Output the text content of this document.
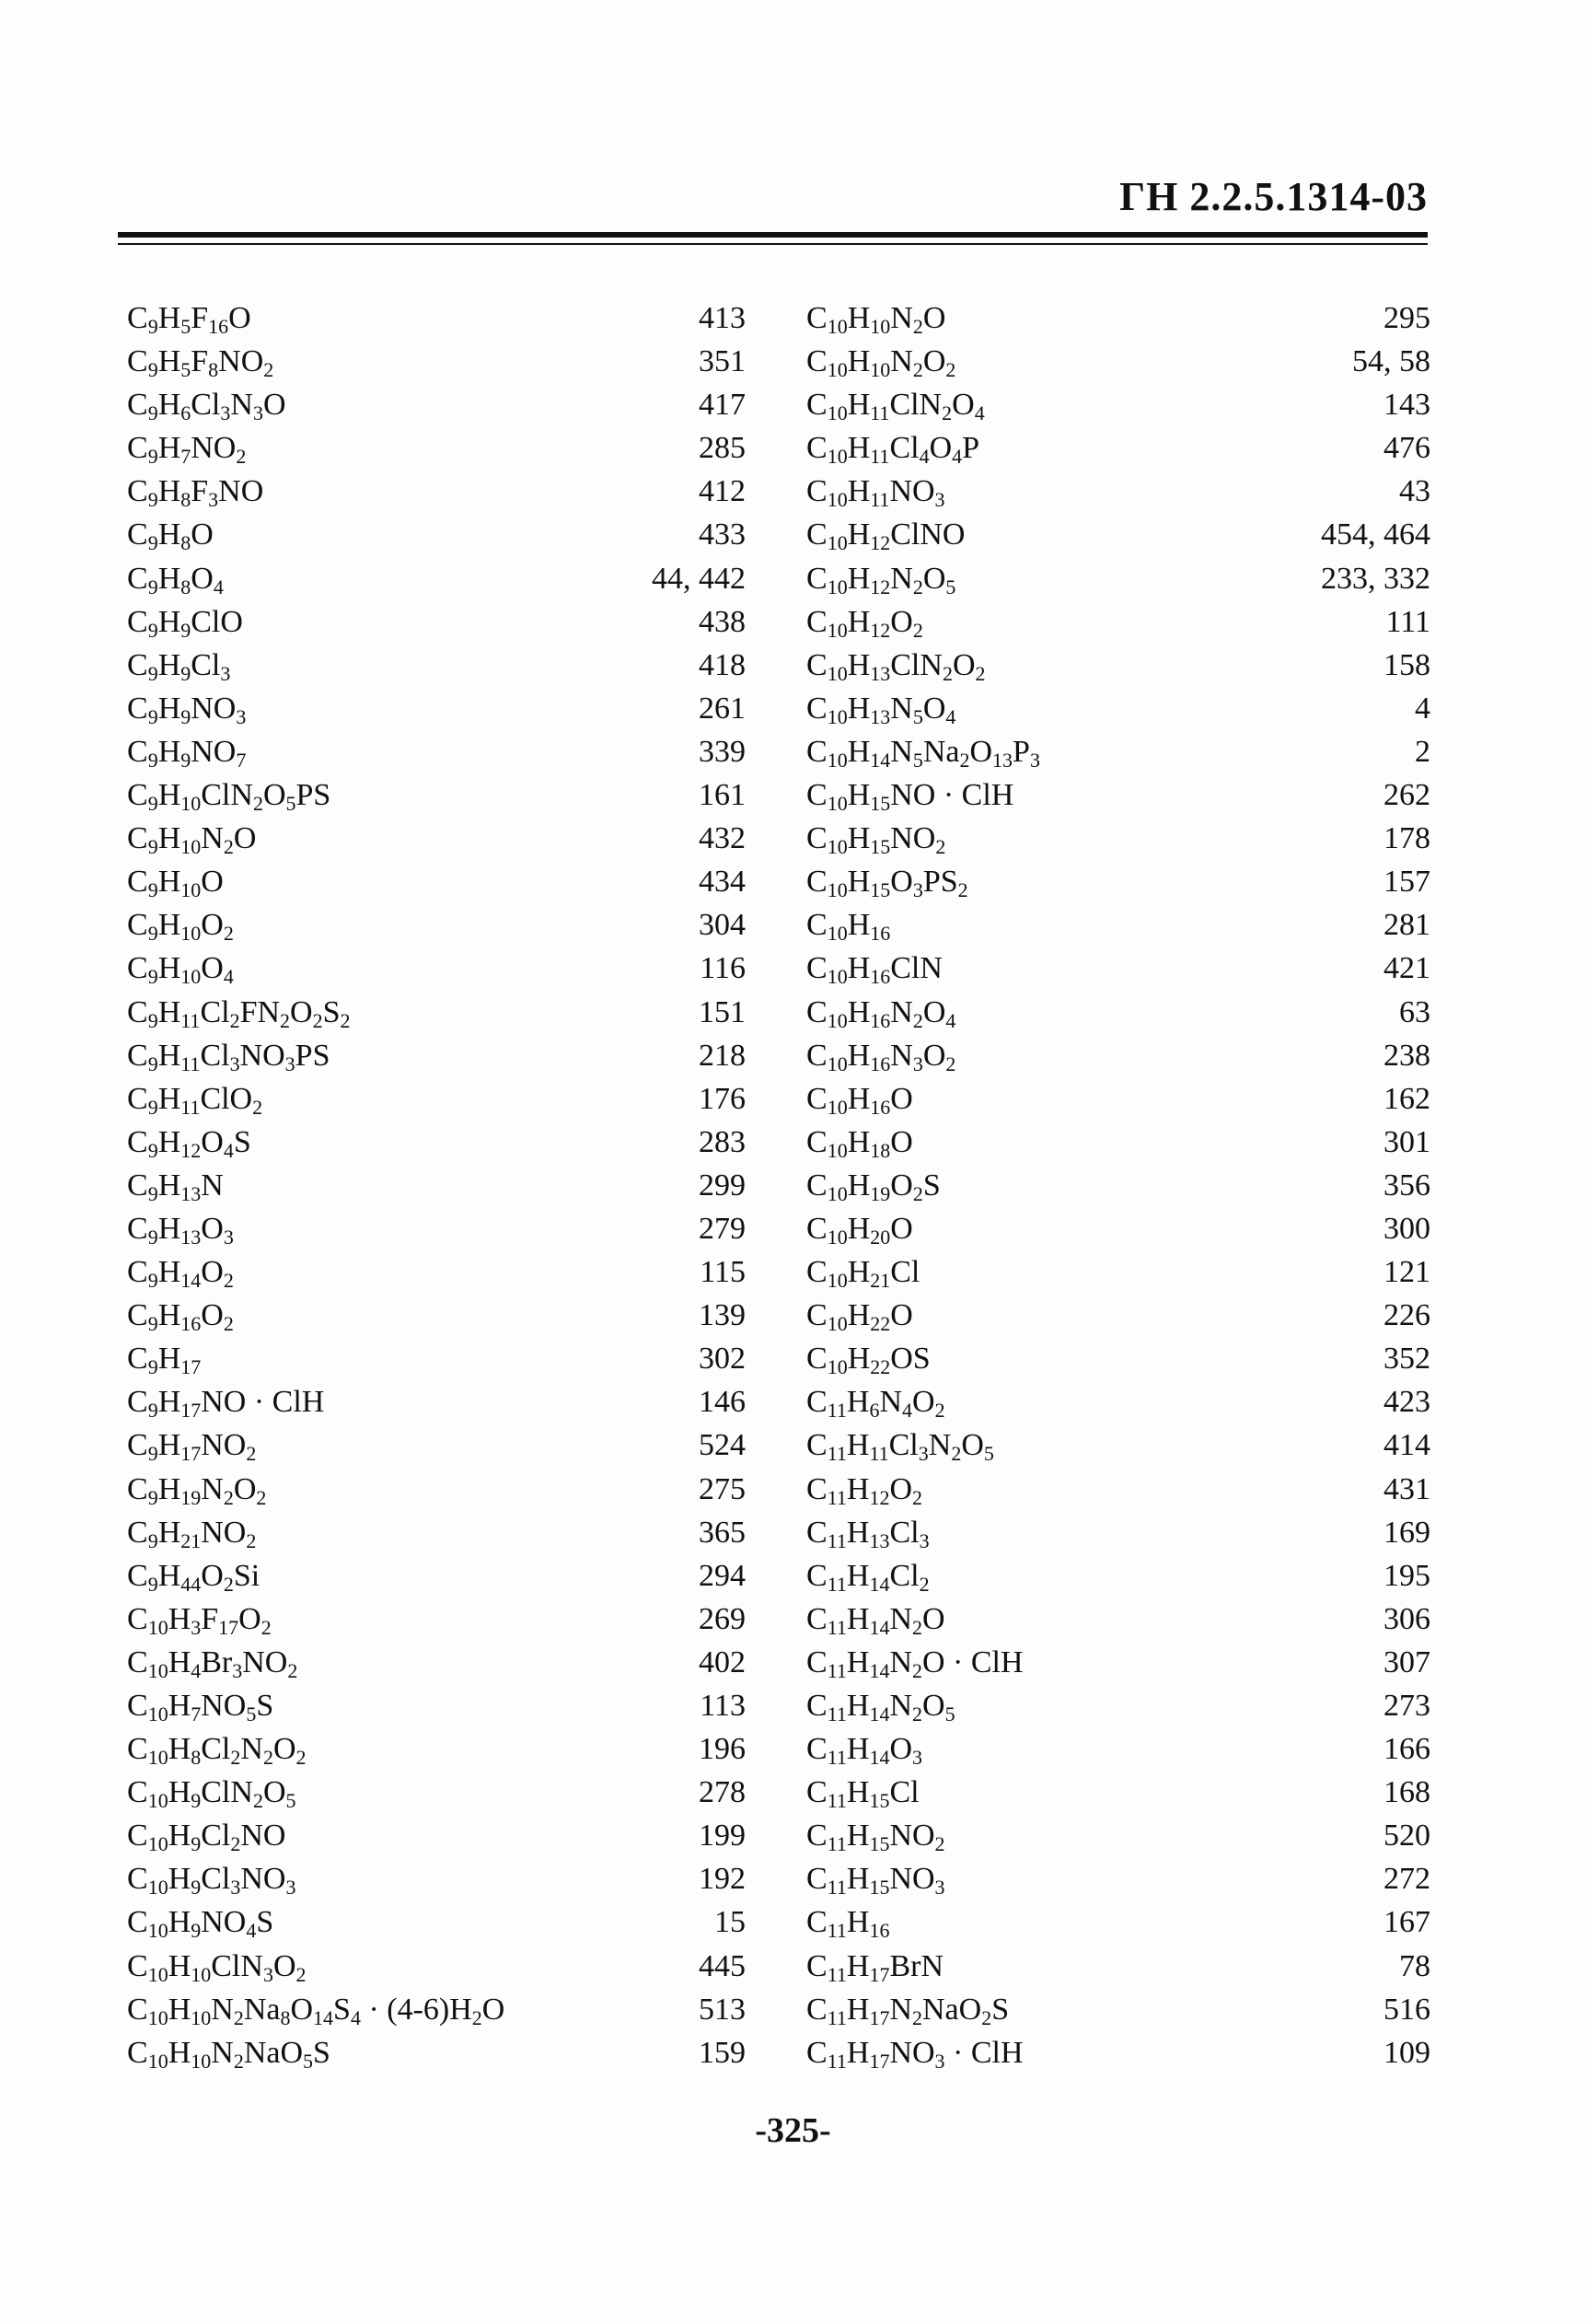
ГН 2.2.5.1314-03
$C_9H_5F_{16}O$	413
$C_9H_5F_8NO_2$	351
$C_9H_6Cl_3N_3O$	417
$C_9H_7NO_2$	285
$C_9H_8F_3NO$	412
$C_9H_8O$	433
$C_9H_8O_4$	44, 442
$C_9H_9ClO$	438
$C_9H_9Cl_3$	418
$C_9H_9NO_3$	261
$C_9H_9NO_7$	339
$C_9H_{10}ClN_2O_5PS$	161
$C_9H_{10}N_2O$	432
$C_9H_{10}O$	434
$C_9H_{10}O_2$	304
$C_9H_{10}O_4$	116
$C_9H_{11}Cl_2FN_2O_2S_2$	151
$C_9H_{11}Cl_3NO_3PS$	218
$C_9H_{11}ClO_2$	176
$C_9H_{12}O_4S$	283
$C_9H_{13}N$	299
$C_9H_{13}O_3$	279
$C_9H_{14}O_2$	115
$C_9H_{16}O_2$	139
$C_9H_{17}$	302
$C_9H_{17}NO$ · ClH	146
$C_9H_{17}NO_2$	524
$C_9H_{19}N_2O_2$	275
$C_9H_{21}NO_2$	365
$C_9H_{44}O_2Si$	294
$C_{10}H_3F_{17}O_2$	269
$C_{10}H_4Br_3NO_2$	402
$C_{10}H_7NO_5S$	113
$C_{10}H_8Cl_2N_2O_2$	196
$C_{10}H_9ClN_2O_5$	278
$C_{10}H_9Cl_2NO$	199
$C_{10}H_9Cl_3NO_3$	192
$C_{10}H_9NO_4S$	15
$C_{10}H_{10}ClN_3O_2$	445
$C_{10}H_{10}N_2Na_8O_{14}S_4 \cdot (4-6)H_2O$	513
$C_{10}H_{10}N_2NaO_5S$	159
$C_{10}H_{10}N_2O$	295
$C_{10}H_{10}N_2O_2$	54, 58
$C_{10}H_{11}ClN_2O_4$	143
$C_{10}H_{11}Cl_4O_4P$	476
$C_{10}H_{11}NO_3$	43
$C_{10}H_{12}ClNO$	454, 464
$C_{10}H_{12}N_2O_5$	233, 332
$C_{10}H_{12}O_2$	111
$C_{10}H_{13}ClN_2O_2$	158
$C_{10}H_{13}N_5O_4$	4
$C_{10}H_{14}N_5Na_2O_{13}P_3$	2
$C_{10}H_{15}NO$ · ClH	262
$C_{10}H_{15}NO_2$	178
$C_{10}H_{15}O_3PS_2$	157
$C_{10}H_{16}$	281
$C_{10}H_{16}ClN$	421
$C_{10}H_{16}N_2O_4$	63
$C_{10}H_{16}N_3O_2$	238
$C_{10}H_{16}O$	162
$C_{10}H_{18}O$	301
$C_{10}H_{19}O_2S$	356
$C_{10}H_{20}O$	300
$C_{10}H_{21}Cl$	121
$C_{10}H_{22}O$	226
$C_{10}H_{22}OS$	352
$C_{11}H_6N_4O_2$	423
$C_{11}H_{11}Cl_3N_2O_5$	414
$C_{11}H_{12}O_2$	431
$C_{11}H_{13}Cl_3$	169
$C_{11}H_{14}Cl_2$	195
$C_{11}H_{14}N_2O$	306
$C_{11}H_{14}N_2O$ · ClH	307
$C_{11}H_{14}N_2O_5$	273
$C_{11}H_{14}O_3$	166
$C_{11}H_{15}Cl$	168
$C_{11}H_{15}NO_2$	520
$C_{11}H_{15}NO_3$	272
$C_{11}H_{16}$	167
$C_{11}H_{17}BrN$	78
$C_{11}H_{17}N_2NaO_2S$	516
$C_{11}H_{17}NO_3$ · ClH	109
-325-
